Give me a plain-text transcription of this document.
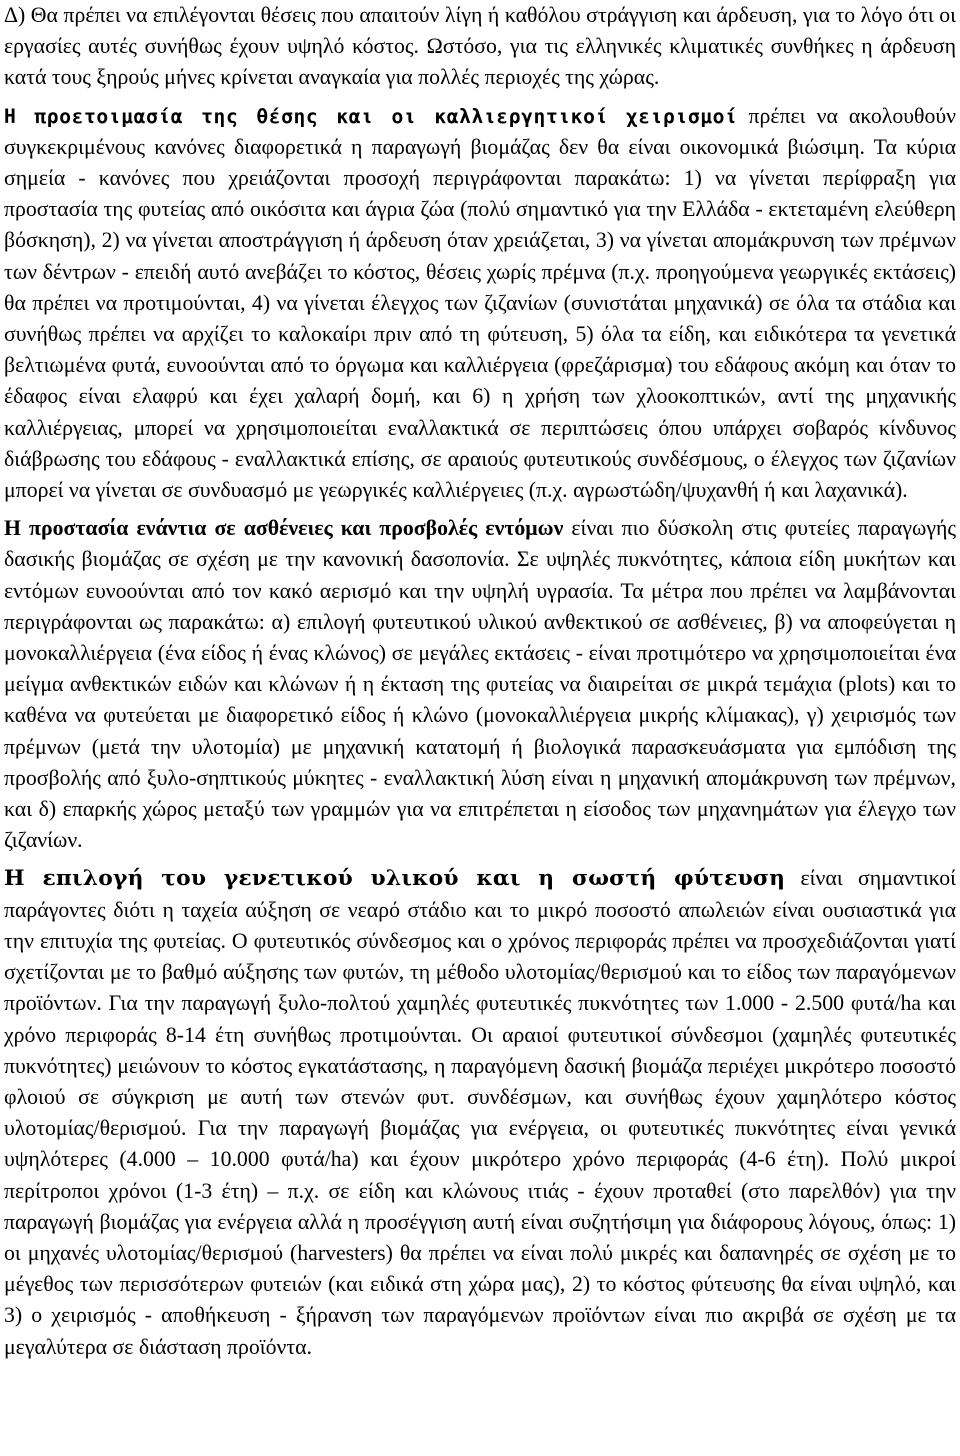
Δ) Θα πρέπει να επιλέγονται θέσεις που απαιτούν λίγη ή καθόλου στράγγιση και άρδευση, για το λόγο ότι οι εργασίες αυτές συνήθως έχουν υψηλό κόστος. Ωστόσο, για τις ελληνικές κλιματικές συνθήκες η άρδευση κατά τους ξηρούς μήνες κρίνεται αναγκαία για πολλές περιοχές της χώρας.

Η προετοιμασία της θέσης και οι καλλιεργητικοί χειρισμοί πρέπει να ακολουθούν συγκεκριμένους κανόνες διαφορετικά η παραγωγή βιομάζας δεν θα είναι οικονομικά βιώσιμη. Τα κύρια σημεία - κανόνες που χρειάζονται προσοχή περιγράφονται παρακάτω: 1) να γίνεται περίφραξη για προστασία της φυτείας από οικόσιτα και άγρια ζώα (πολύ σημαντικό για την Ελλάδα - εκτεταμένη ελεύθερη βόσκηση), 2) να γίνεται αποστράγγιση ή άρδευση όταν χρειάζεται, 3) να γίνεται απομάκρυνση των πρέμνων των δέντρων - επειδή αυτό ανεβάζει το κόστος, θέσεις χωρίς πρέμνα (π.χ. προηγούμενα γεωργικές εκτάσεις) θα πρέπει να προτιμούνται, 4) να γίνεται έλεγχος των ζιζανίων (συνιστάται μηχανικά) σε όλα τα στάδια και συνήθως πρέπει να αρχίζει το καλοκαίρι πριν από τη φύτευση, 5) όλα τα είδη, και ειδικότερα τα γενετικά βελτιωμένα φυτά, ευνοούνται από το όργωμα και καλλιέργεια (φρεζάρισμα) του εδάφους ακόμη και όταν το έδαφος είναι ελαφρύ και έχει χαλαρή δομή, και 6) η χρήση των χλοοκοπτικών, αντί της μηχανικής καλλιέργειας, μπορεί να χρησιμοποιείται εναλλακτικά σε περιπτώσεις όπου υπάρχει σοβαρός κίνδυνος διάβρωσης του εδάφους - εναλλακτικά επίσης, σε αραιούς φυτευτικούς συνδέσμους, ο έλεγχος των ζιζανίων μπορεί να γίνεται σε συνδυασμό με γεωργικές καλλιέργειες (π.χ. αγρωστώδη/ψυχανθή ή και λαχανικά).

Η προστασία ενάντια σε ασθένειες και προσβολές εντόμων είναι πιο δύσκολη στις φυτείες παραγωγής δασικής βιομάζας σε σχέση με την κανονική δασοπονία. Σε υψηλές πυκνότητες, κάποια είδη μυκήτων και εντόμων ευνοούνται από τον κακό αερισμό και την υψηλή υγρασία. Τα μέτρα που πρέπει να λαμβάνονται περιγράφονται ως παρακάτω: α) επιλογή φυτευτικού υλικού ανθεκτικού σε ασθένειες, β) να αποφεύγεται η μονοκαλλιέργεια (ένα είδος ή ένας κλώνος) σε μεγάλες εκτάσεις - είναι προτιμότερο να χρησιμοποιείται ένα μείγμα ανθεκτικών ειδών και κλώνων ή η έκταση της φυτείας να διαιρείται σε μικρά τεμάχια (plots) και το καθένα να φυτεύεται με διαφορετικό είδος ή κλώνο (μονοκαλλιέργεια μικρής κλίμακας), γ) χειρισμός των πρέμνων (μετά την υλοτομία) με μηχανική κατατομή ή βιολογικά παρασκευάσματα για εμπόδιση της προσβολής από ξυλο-σηπτικούς μύκητες - εναλλακτική λύση είναι η μηχανική απομάκρυνση των πρέμνων, και δ) επαρκής χώρος μεταξύ των γραμμών για να επιτρέπεται η είσοδος των μηχανημάτων για έλεγχο των ζιζανίων.

Η επιλογή του γενετικού υλικού και η σωστή φύτευση είναι σημαντικοί παράγοντες διότι η ταχεία αύξηση σε νεαρό στάδιο και το μικρό ποσοστό απωλειών είναι ουσιαστικά για την επιτυχία της φυτείας. Ο φυτευτικός σύνδεσμος και ο χρόνος περιφοράς πρέπει να προσχεδιάζονται γιατί σχετίζονται με το βαθμό αύξησης των φυτών, τη μέθοδο υλοτομίας/θερισμού και το είδος των παραγόμενων προϊόντων. Για την παραγωγή ξυλο-πολτού χαμηλές φυτευτικές πυκνότητες των 1.000 - 2.500 φυτά/ha και χρόνο περιφοράς 8-14 έτη συνήθως προτιμούνται. Οι αραιοί φυτευτικοί σύνδεσμοι (χαμηλές φυτευτικές πυκνότητες) μειώνουν το κόστος εγκατάστασης, η παραγόμενη δασική βιομάζα περιέχει μικρότερο ποσοστό φλοιού σε σύγκριση με αυτή των στενών φυτ. συνδέσμων, και συνήθως έχουν χαμηλότερο κόστος υλοτομίας/θερισμού. Για την παραγωγή βιομάζας για ενέργεια, οι φυτευτικές πυκνότητες είναι γενικά υψηλότερες (4.000 – 10.000 φυτά/ha) και έχουν μικρότερο χρόνο περιφοράς (4-6 έτη). Πολύ μικροί περίτροποι χρόνοι (1-3 έτη) – π.χ. σε είδη και κλώνους ιτιάς - έχουν προταθεί (στο παρελθόν) για την παραγωγή βιομάζας για ενέργεια αλλά η προσέγγιση αυτή είναι συζητήσιμη για διάφορους λόγους, όπως: 1) οι μηχανές υλοτομίας/θερισμού (harvesters) θα πρέπει να είναι πολύ μικρές και δαπανηρές σε σχέση με το μέγεθος των περισσότερων φυτειών (και ειδικά στη χώρα μας), 2) το κόστος φύτευσης θα είναι υψηλό, και 3) ο χειρισμός - αποθήκευση - ξήρανση των παραγόμενων προϊόντων είναι πιο ακριβά σε σχέση με τα μεγαλύτερα σε διάσταση προϊόντα.
